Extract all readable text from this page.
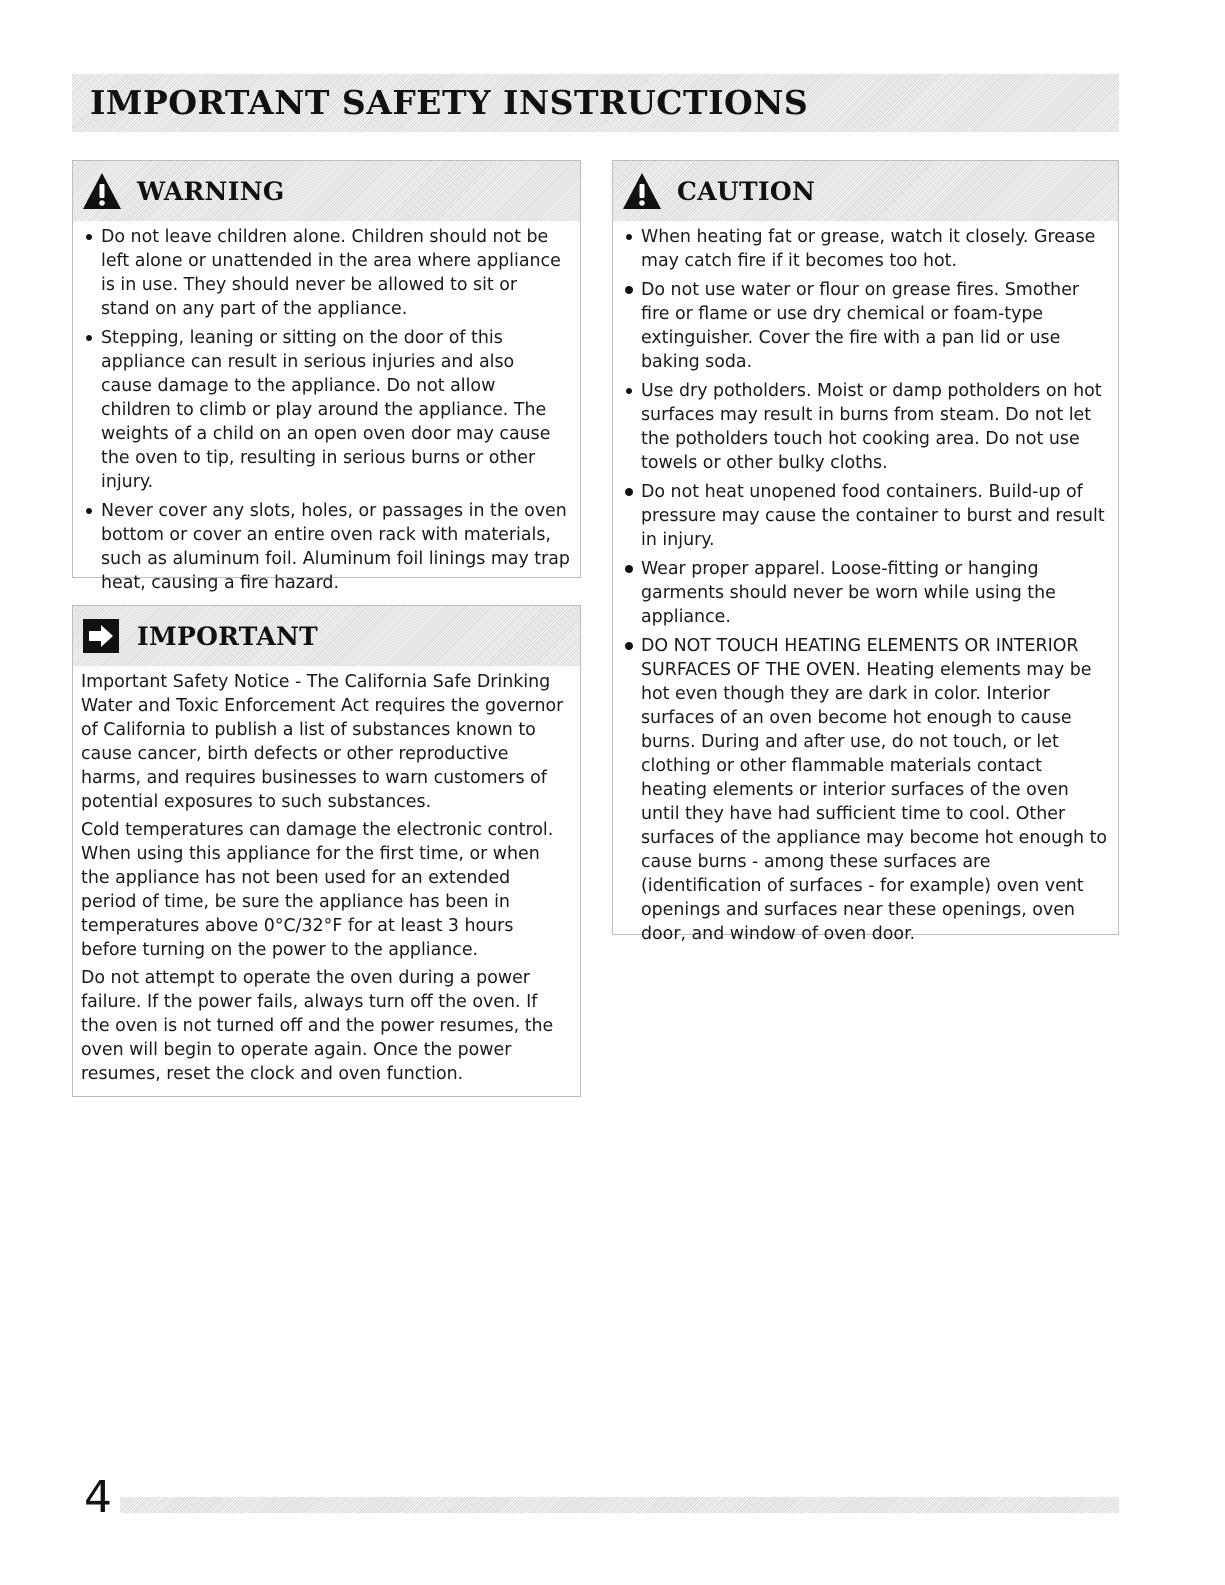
IMPORTANT SAFETY INSTRUCTIONS
WARNING
Do not leave children alone. Children should not be left alone or unattended in the area where appliance is in use. They should never be allowed to sit or stand on any part of the appliance.
Stepping, leaning or sitting on the door of this appliance can result in serious injuries and also cause damage to the appliance. Do not allow children to climb or play around the appliance. The weights of a child on an open oven door may cause the oven to tip, resulting in serious burns or other injury.
Never cover any slots, holes, or passages in the oven bottom or cover an entire oven rack with materials, such as aluminum foil. Aluminum foil linings may trap heat, causing a fire hazard.
IMPORTANT

Important Safety Notice - The California Safe Drinking Water and Toxic Enforcement Act requires the governor of California to publish a list of substances known to cause cancer, birth defects or other reproductive harms, and requires businesses to warn customers of potential exposures to such substances.

Cold temperatures can damage the electronic control. When using this appliance for the first time, or when the appliance has not been used for an extended period of time, be sure the appliance has been in temperatures above 0°C/32°F for at least 3 hours before turning on the power to the appliance.

Do not attempt to operate the oven during a power failure. If the power fails, always turn off the oven. If the oven is not turned off and the power resumes, the oven will begin to operate again. Once the power resumes, reset the clock and oven function.

CAUTION
When heating fat or grease, watch it closely. Grease may catch fire if it becomes too hot.
Do not use water or flour on grease fires. Smother fire or flame or use dry chemical or foam-type extinguisher. Cover the fire with a pan lid or use baking soda.
Use dry potholders. Moist or damp potholders on hot surfaces may result in burns from steam. Do not let the potholders touch hot cooking area. Do not use towels or other bulky cloths.
Do not heat unopened food containers. Build-up of pressure may cause the container to burst and result in injury.
Wear proper apparel. Loose-fitting or hanging garments should never be worn while using the appliance.
DO NOT TOUCH HEATING ELEMENTS OR INTERIOR SURFACES OF THE OVEN. Heating elements may be hot even though they are dark in color. Interior surfaces of an oven become hot enough to cause burns. During and after use, do not touch, or let clothing or other flammable materials contact heating elements or interior surfaces of the oven until they have had sufficient time to cool. Other surfaces of the appliance may become hot enough to cause burns - among these surfaces are (identification of surfaces - for example) oven vent openings and surfaces near these openings, oven door, and window of oven door.
4
